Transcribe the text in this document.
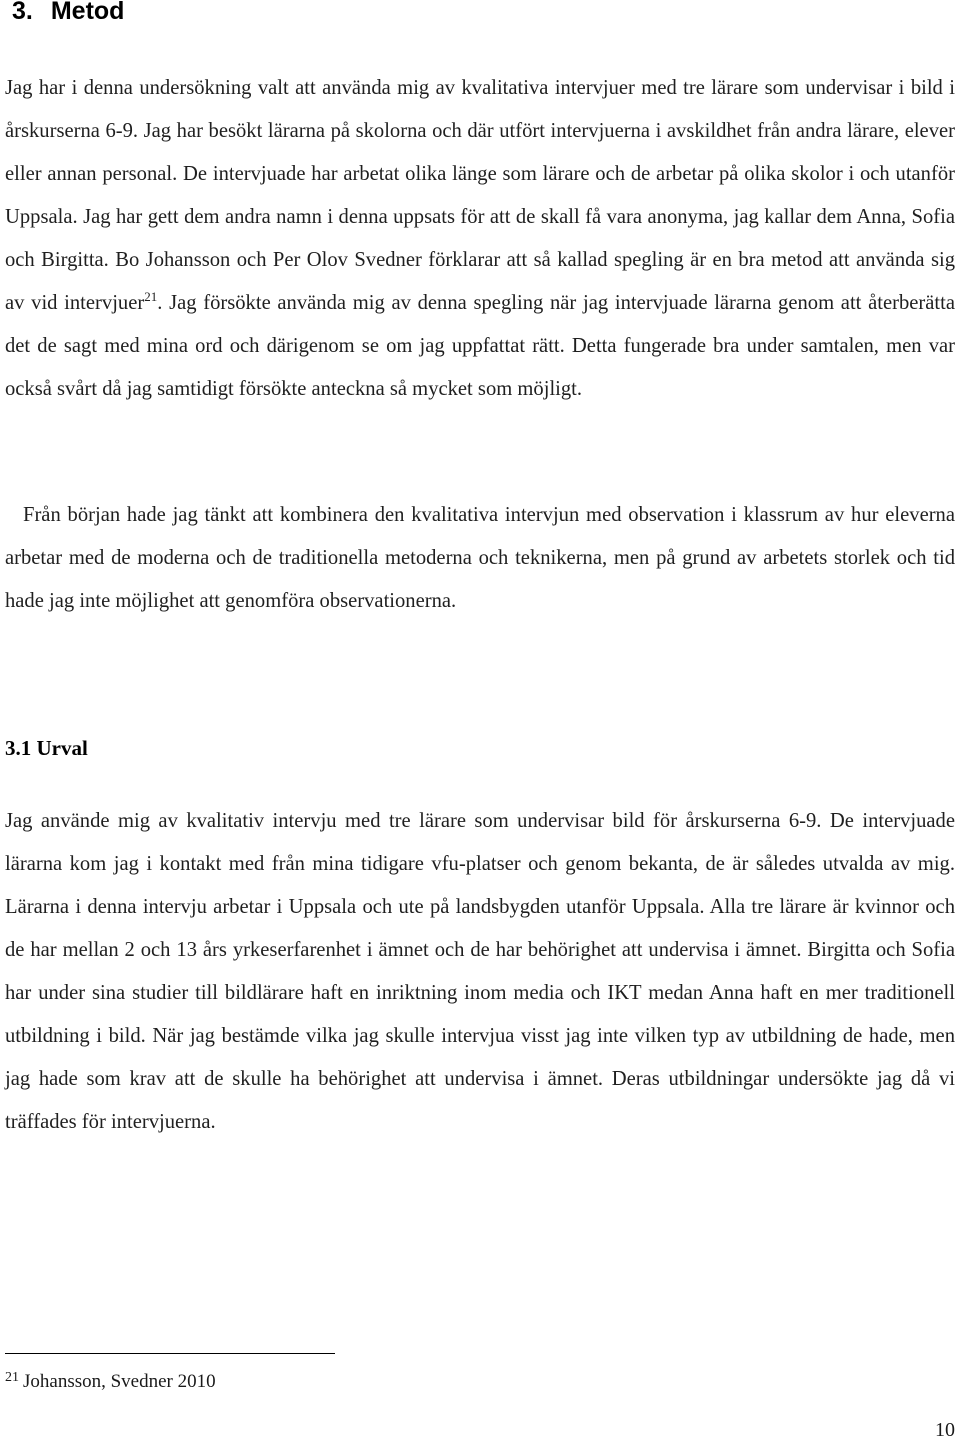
3. Metod

Jag har i denna undersökning valt att använda mig av kvalitativa intervjuer med tre lärare som undervisar i bild i årskurserna 6-9. Jag har besökt lärarna på skolorna och där utfört intervjuerna i avskildhet från andra lärare, elever eller annan personal. De intervjuade har arbetat olika länge som lärare och de arbetar på olika skolor i och utanför Uppsala. Jag har gett dem andra namn i denna uppsats för att de skall få vara anonyma, jag kallar dem Anna, Sofia och Birgitta. Bo Johansson och Per Olov Svedner förklarar att så kallad spegling är en bra metod att använda sig av vid intervjuer$^{21}$. Jag försökte använda mig av denna spegling när jag intervjuade lärarna genom att återberätta det de sagt med mina ord och därigenom se om jag uppfattat rätt. Detta fungerade bra under samtalen, men var också svårt då jag samtidigt försökte anteckna så mycket som möjligt.

Från början hade jag tänkt att kombinera den kvalitativa intervjun med observation i klassrum av hur eleverna arbetar med de moderna och de traditionella metoderna och teknikerna, men på grund av arbetets storlek och tid hade jag inte möjlighet att genomföra observationerna.

3.1 Urval

Jag använde mig av kvalitativ intervju med tre lärare som undervisar bild för årskurserna 6-9. De intervjuade lärarna kom jag i kontakt med från mina tidigare vfu-platser och genom bekanta, de är således utvalda av mig. Lärarna i denna intervju arbetar i Uppsala och ute på landsbygden utanför Uppsala. Alla tre lärare är kvinnor och de har mellan 2 och 13 års yrkeserfarenhet i ämnet och de har behörighet att undervisa i ämnet. Birgitta och Sofia har under sina studier till bildlärare haft en inriktning inom media och IKT medan Anna haft en mer traditionell utbildning i bild. När jag bestämde vilka jag skulle intervjua visst jag inte vilken typ av utbildning de hade, men jag hade som krav att de skulle ha behörighet att undervisa i ämnet. Deras utbildningar undersökte jag då vi träffades för intervjuerna.

$^{21}$ Johansson, Svedner 2010

10
